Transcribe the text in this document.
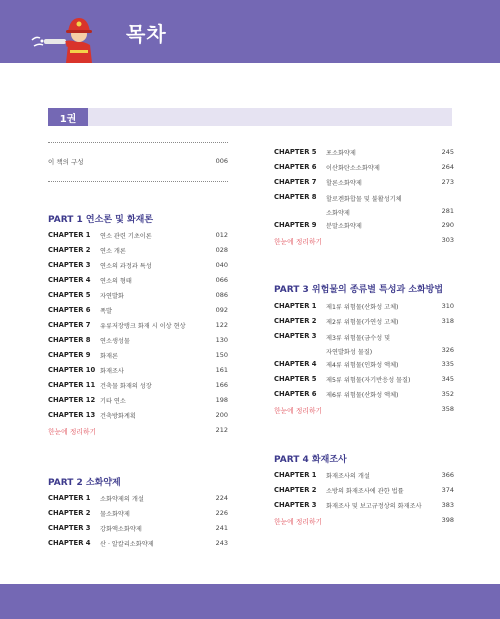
목차
1권
이 책의 구성	006
PART 1 연소론 및 화재론
CHAPTER 1 연소 관련 기초이론	012
CHAPTER 2 연소 개론	028
CHAPTER 3 연소의 과정과 특성	040
CHAPTER 4 연소의 형태	066
CHAPTER 5 자연발화	086
CHAPTER 6 폭발	092
CHAPTER 7 유류저장탱크 화재 시 이상 현상	122
CHAPTER 8 연소생성물	130
CHAPTER 9 화재론	150
CHAPTER 10 화재조사	161
CHAPTER 11 건축물 화재의 성장	166
CHAPTER 12 기타 연소	198
CHAPTER 13 건축방화계획	200
한눈에 정리하기	212
PART 2 소화약제
CHAPTER 1 소화약제의 개설	224
CHAPTER 2 물소화약제	226
CHAPTER 3 강화액소화약제	241
CHAPTER 4 산 · 알칼리소화약제	243
CHAPTER 5 포소화약제	245
CHAPTER 6 이산화탄소소화약제	264
CHAPTER 7 할론소화약제	273
CHAPTER 8 할로겐화합물 및 불활성기체
소화약제	281
CHAPTER 9 분말소화약제	290
한눈에 정리하기	303
PART 3 위험물의 종류별 특성과 소화방법
CHAPTER 1 제1류 위험물(산화성 고체)	310
CHAPTER 2 제2류 위험물(가연성 고체)	318
CHAPTER 3 제3류 위험물(금수성 및
자연발화성 물질)	326
CHAPTER 4 제4류 위험물(인화성 액체)	335
CHAPTER 5 제5류 위험물(자기반응성 물질)	345
CHAPTER 6 제6류 위험물(산화성 액체)	352
한눈에 정리하기	358
PART 4 화재조사
CHAPTER 1 화재조사의 개설	366
CHAPTER 2 소방의 화재조사에 관한 법률	374
CHAPTER 3 화재조사 및 보고규정상의 화재조사	383
한눈에 정리하기	398
